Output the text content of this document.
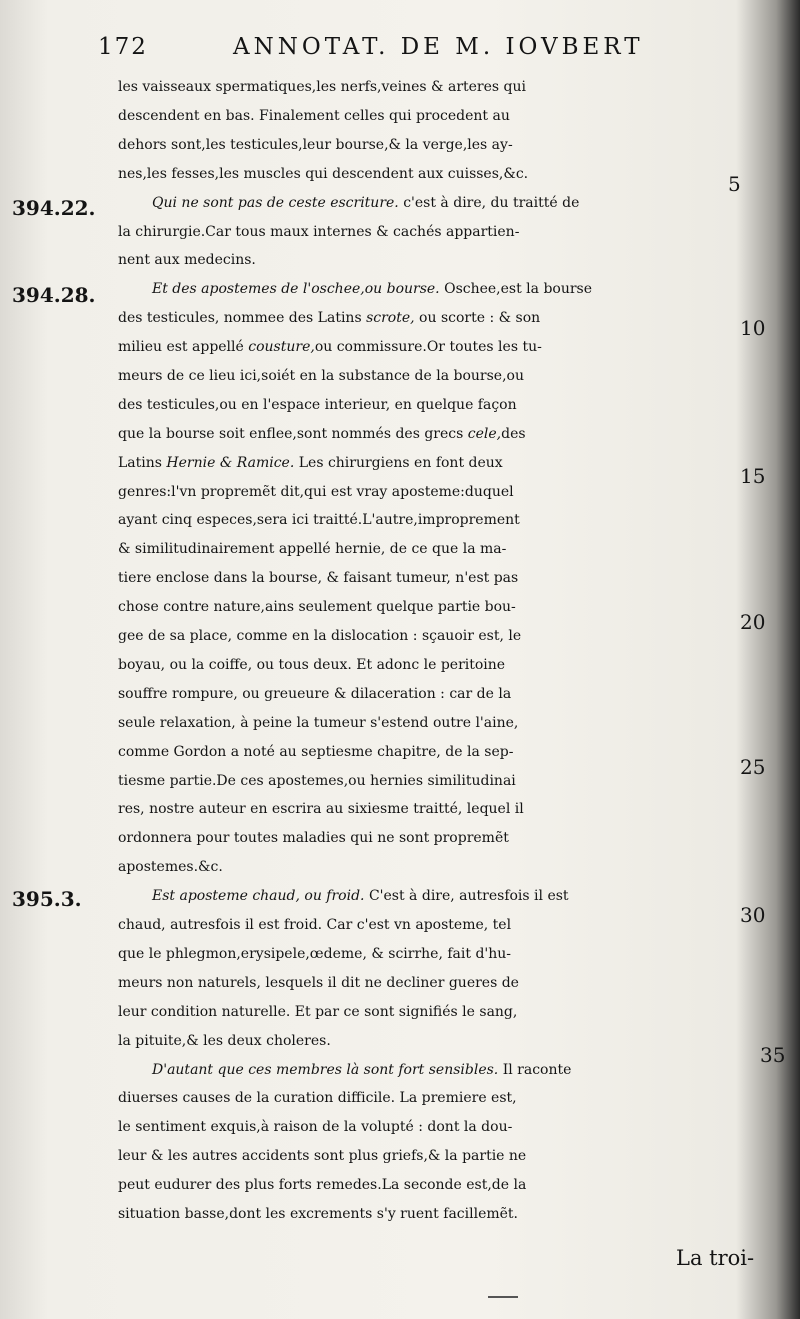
172	ANNOTAT. DE M. IOVBERT
les vaisseaux spermatiques,les nerfs,veines & arteres qui
descendent en bas. Finalement celles qui procedent au
dehors sont,les testicules,leur bourse,& la verge,les ay-
nes,les fesses,les muscles qui descendent aux cuisses,&c.
Qui ne sont pas de ceste escriture. c'est à dire, du traitté de
la chirurgie.Car tous maux internes & cachés appartien-
nent aux medecins.
Et des apostemes de l'oschee,ou bourse. Oschee,est la bourse
des testicules, nommee des Latins scrote, ou scorte : & son
milieu est appellé cousture,ou commissure.Or toutes les tu-
meurs de ce lieu ici,soiét en la substance de la bourse,ou
des testicules,ou en l'espace interieur, en quelque façon
que la bourse soit enflee,sont nommés des grecs cele,des
Latins Hernie & Ramice. Les chirurgiens en font deux
genres:l'vn propremẽt dit,qui est vray aposteme:duquel
ayant cinq especes,sera ici traitté.L'autre,improprement
& similitudinairement appellé hernie, de ce que la ma-
tiere enclose dans la bourse, & faisant tumeur, n'est pas
chose contre nature,ains seulement quelque partie bou-
gee de sa place, comme en la dislocation : sçauoir est, le
boyau, ou la coiffe, ou tous deux. Et adonc le peritoine
souffre rompure, ou greueure & dilaceration : car de la
seule relaxation, à peine la tumeur s'estend outre l'aine,
comme Gordon a noté au septiesme chapitre, de la sep-
tiesme partie.De ces apostemes,ou hernies similitudinai
res, nostre auteur en escrira au sixiesme traitté, lequel il
ordonnera pour toutes maladies qui ne sont propremẽt
apostemes.&c.
Est aposteme chaud, ou froid. C'est à dire, autresfois il est
chaud, autresfois il est froid. Car c'est vn aposteme, tel
que le phlegmon,erysipele,œdeme, & scirrhe, fait d'hu-
meurs non naturels, lesquels il dit ne decliner gueres de
leur condition naturelle. Et par ce sont signifiés le sang,
la pituite,& les deux choleres.
D'autant que ces membres là sont fort sensibles. Il raconte
diuerses causes de la curation difficile. La premiere est,
le sentiment exquis,à raison de la volupté : dont la dou-
leur & les autres accidents sont plus griefs,& la partie ne
peut eudurer des plus forts remedes.La seconde est,de la
situation basse,dont les excrements s'y ruent facillemẽt.
394.22.
394.28.
395.3.
5
10
15
20
25
30
35
La troi-
